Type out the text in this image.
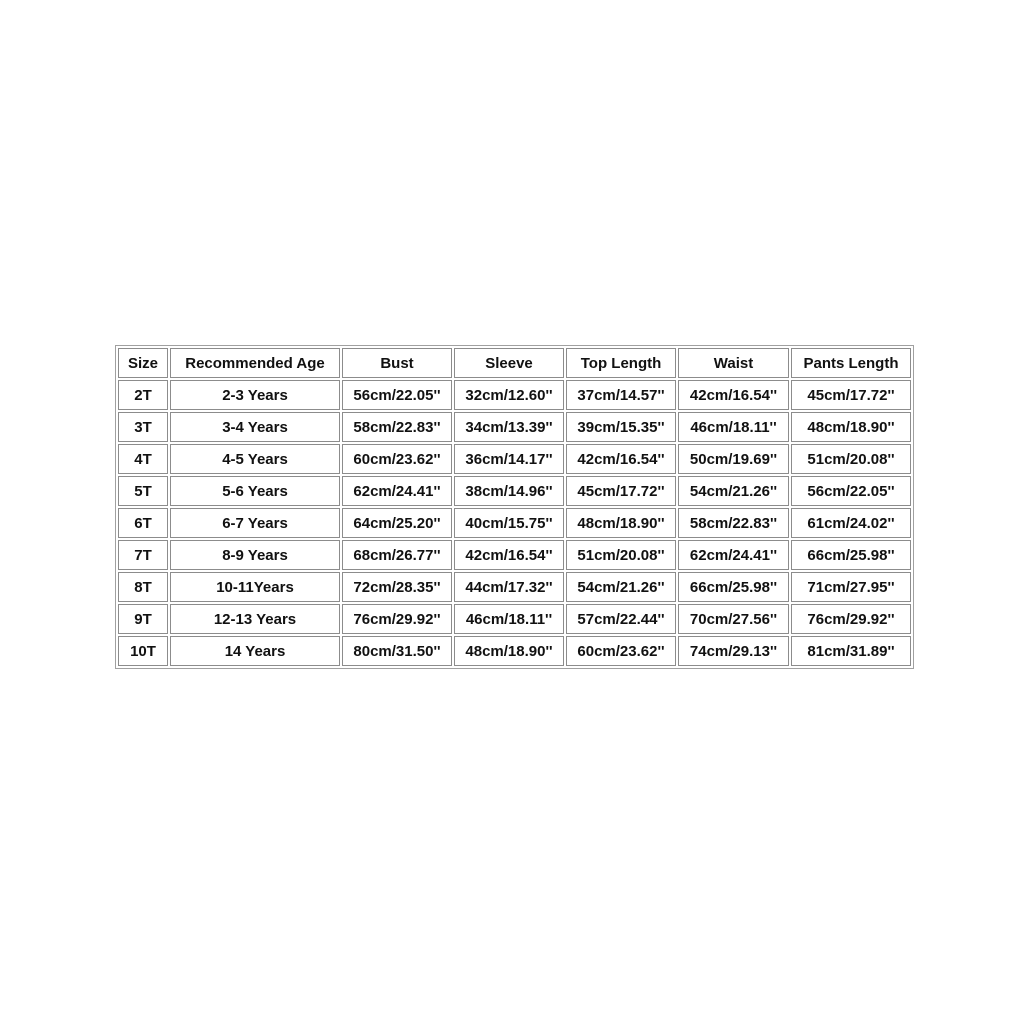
Size	Recommended Age	Bust	Sleeve	Top Length	Waist	Pants Length
2T	2-3 Years	56cm/22.05''	32cm/12.60''	37cm/14.57''	42cm/16.54''	45cm/17.72''
3T	3-4 Years	58cm/22.83''	34cm/13.39''	39cm/15.35''	46cm/18.11''	48cm/18.90''
4T	4-5 Years	60cm/23.62''	36cm/14.17''	42cm/16.54''	50cm/19.69''	51cm/20.08''
5T	5-6 Years	62cm/24.41''	38cm/14.96''	45cm/17.72''	54cm/21.26''	56cm/22.05''
6T	6-7 Years	64cm/25.20''	40cm/15.75''	48cm/18.90''	58cm/22.83''	61cm/24.02''
7T	8-9 Years	68cm/26.77''	42cm/16.54''	51cm/20.08''	62cm/24.41''	66cm/25.98''
8T	10-11Years	72cm/28.35''	44cm/17.32''	54cm/21.26''	66cm/25.98''	71cm/27.95''
9T	12-13 Years	76cm/29.92''	46cm/18.11''	57cm/22.44''	70cm/27.56''	76cm/29.92''
10T	14 Years	80cm/31.50''	48cm/18.90''	60cm/23.62''	74cm/29.13''	81cm/31.89''
